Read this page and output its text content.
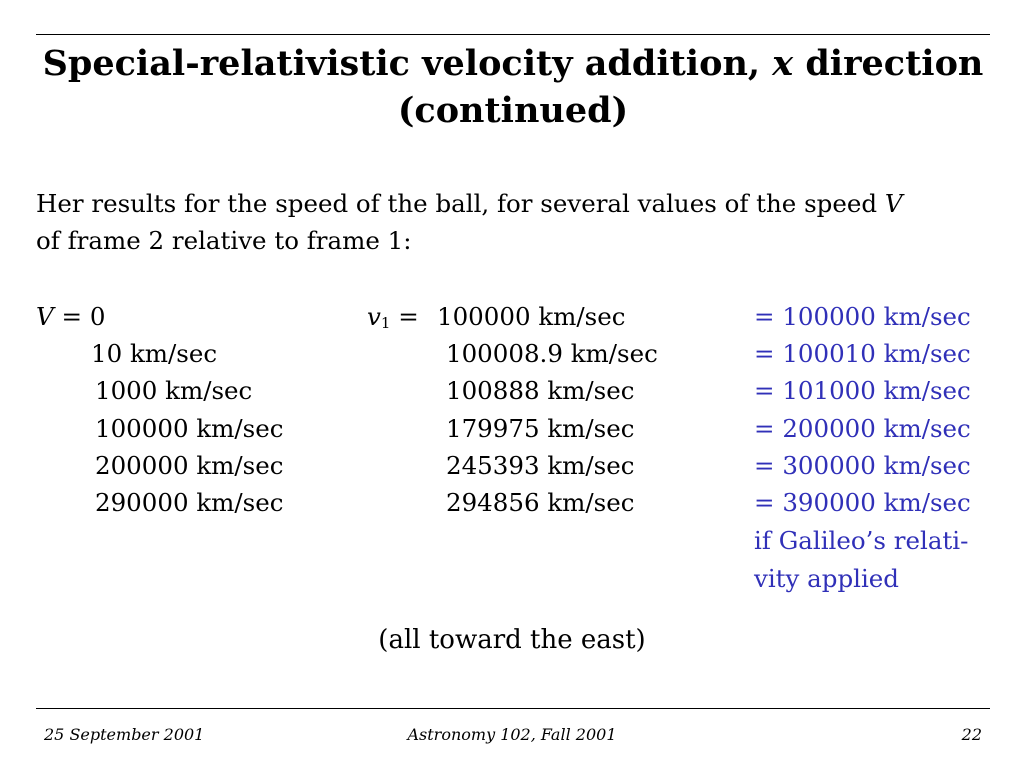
Special-relativistic velocity addition, x direction
(continued)
Her results for the speed of the ball, for several values of the speed V
of frame 2 relative to frame 1:
V = 0	$v_1 = 100000$ km/sec	= 100000 km/sec
10 km/sec	100008.9 km/sec	= 100010 km/sec
1000 km/sec	100888 km/sec	= 101000 km/sec
100000 km/sec	179975 km/sec	= 200000 km/sec
200000 km/sec	245393 km/sec	= 300000 km/sec
290000 km/sec	294856 km/sec	= 390000 km/sec
if Galileo’s relati-
vity applied
(all toward the east)
25 September 2001	Astronomy 102, Fall 2001	22
